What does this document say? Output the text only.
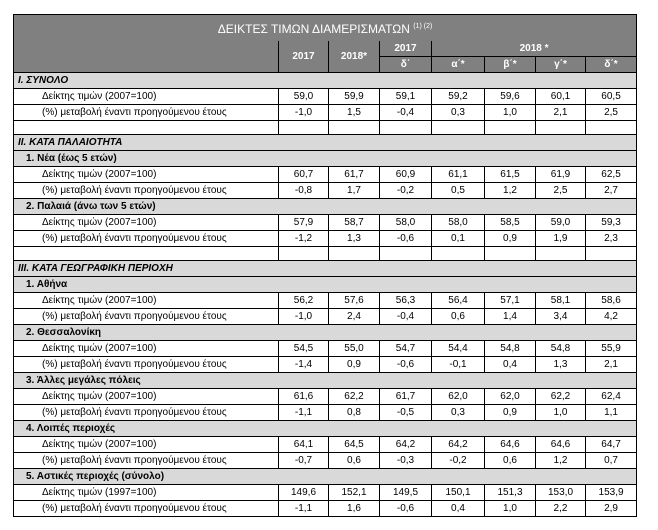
ΔΕΙΚΤΕΣ ΤΙΜΩΝ ΔΙΑΜΕΡΙΣΜΑΤΩΝ $^{(1) (2)}$
	2017	2018*	2017	2018 *			
			δ΄	α΄*	β΄*	γ΄*	δ΄*
I. ΣΥΝΟΛΟ							
Δείκτης τιμών (2007=100)	59,0	59,9	59,1	59,2	59,6	60,1	60,5
(%) μεταβολή έναντι προηγούμενου έτους	-1,0	1,5	-0,4	0,3	1,0	2,1	2,5

II. ΚΑΤΑ ΠΑΛΑΙΟΤΗΤΑ							
1. Νέα (έως 5 ετών)							
Δείκτης τιμών (2007=100)	60,7	61,7	60,9	61,1	61,5	61,9	62,5
(%) μεταβολή έναντι προηγούμενου έτους	-0,8	1,7	-0,2	0,5	1,2	2,5	2,7
2. Παλαιά (άνω των 5 ετών)							
Δείκτης τιμών (2007=100)	57,9	58,7	58,0	58,0	58,5	59,0	59,3
(%) μεταβολή έναντι προηγούμενου έτους	-1,2	1,3	-0,6	0,1	0,9	1,9	2,3

III. ΚΑΤΑ ΓΕΩΓΡΑΦΙΚΗ ΠΕΡΙΟΧΗ							
1. Αθήνα							
Δείκτης τιμών (2007=100)	56,2	57,6	56,3	56,4	57,1	58,1	58,6
(%) μεταβολή έναντι προηγούμενου έτους	-1,0	2,4	-0,4	0,6	1,4	3,4	4,2
2. Θεσσαλονίκη							
Δείκτης τιμών (2007=100)	54,5	55,0	54,7	54,4	54,8	54,8	55,9
(%) μεταβολή έναντι προηγούμενου έτους	-1,4	0,9	-0,6	-0,1	0,4	1,3	2,1
3. Άλλες μεγάλες πόλεις							
Δείκτης τιμών (2007=100)	61,6	62,2	61,7	62,0	62,0	62,2	62,4
(%) μεταβολή έναντι προηγούμενου έτους	-1,1	0,8	-0,5	0,3	0,9	1,0	1,1
4. Λοιπές περιοχές							
Δείκτης τιμών (2007=100)	64,1	64,5	64,2	64,2	64,6	64,6	64,7
(%) μεταβολή έναντι προηγούμενου έτους	-0,7	0,6	-0,3	-0,2	0,6	1,2	0,7
5. Αστικές περιοχές (σύνολο)							
Δείκτης τιμών (1997=100)	149,6	152,1	149,5	150,1	151,3	153,0	153,9
(%) μεταβολή έναντι προηγούμενου έτους	-1,1	1,6	-0,6	0,4	1,0	2,2	2,9
